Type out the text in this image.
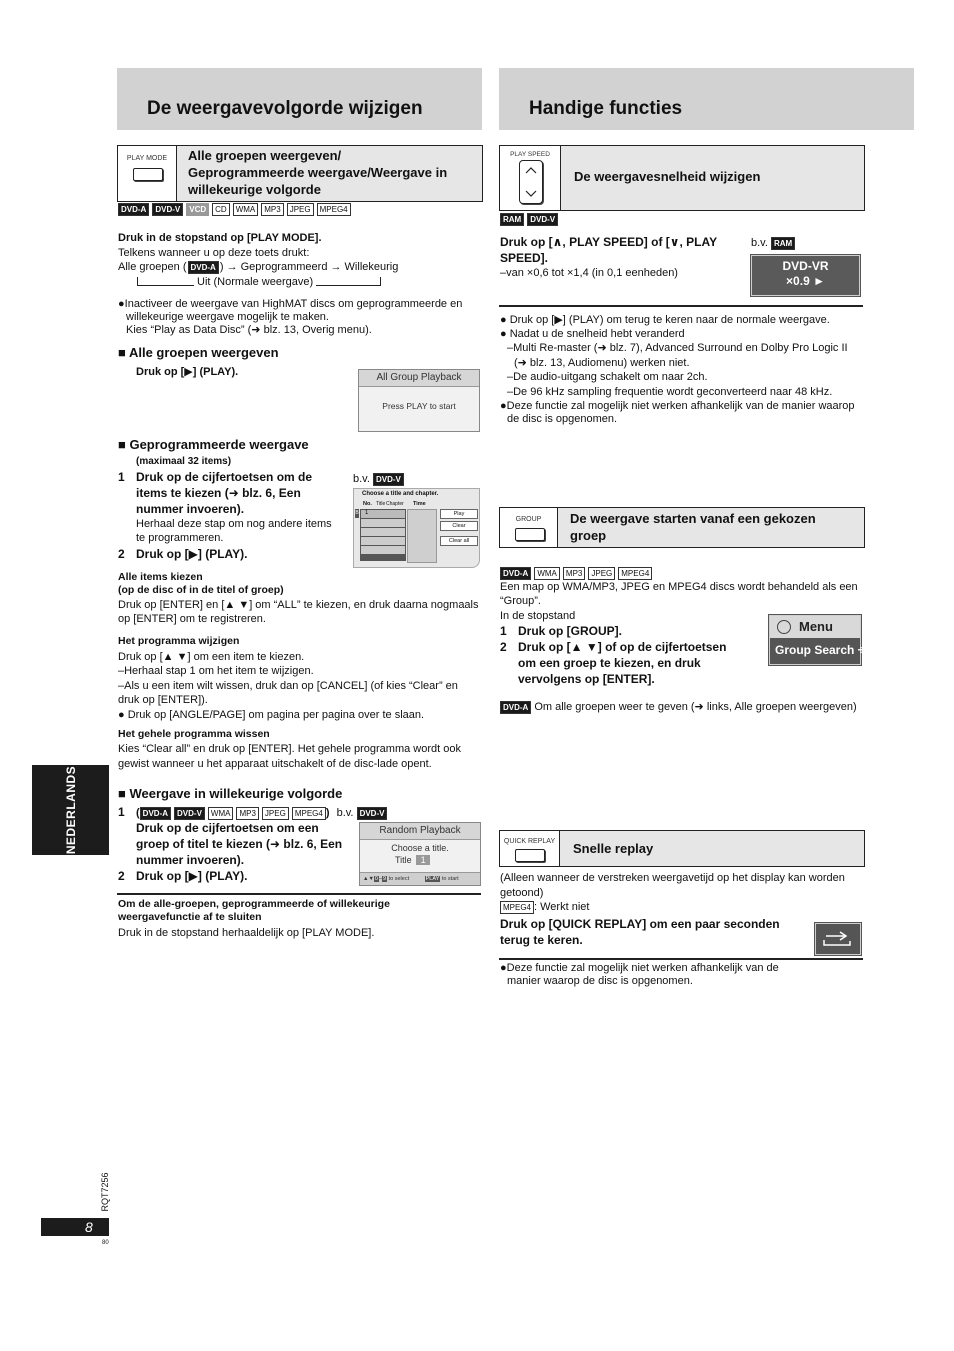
De weergavevolgorde wijzigen
PLAY MODE	Alle groepen weergeven/
Geprogrammeerde weergave/Weergave in
willekeurige volgorde
DVD-A DVD-V VCD CD WMA MP3 JPEG MPEG4
Druk in de stopstand op [PLAY MODE].
Telkens wanneer u op deze toets drukt:
Alle groepen ( DVD-A ) → Geprogrammeerd → Willekeurig
Uit (Normale weergave)
●Inactiveer de weergave van HighMAT discs om geprogrammeerde en
willekeurige weergave mogelijk te maken.
Kies “Play as Data Disc” (➜ blz. 13, Overig menu).
■ Alle groepen weergeven
Druk op [▶] (PLAY).	All Group Playback
Press PLAY to start
■ Geprogrammeerde weergave
(maximaal 32 items)
1 Druk op de cijfertoetsen om de
items te kiezen (➜ blz. 6, Een
nummer invoeren).
Herhaal deze stap om nog andere items
te programmeren.
2 Druk op [▶] (PLAY).
b.v. DVD-V
Choose a title and chapter.
No. Title Chapter Time
B 1	Play
Clear
Clear all
Alle items kiezen
(op de disc of in de titel of groep)
Druk op [ENTER] en [▲ ▼] om “ALL” te kiezen, en druk daarna nogmaals
op [ENTER] om te registreren.
Het programma wijzigen
Druk op [▲ ▼] om een item te kiezen.
–Herhaal stap 1 om het item te wijzigen.
–Als u een item wilt wissen, druk dan op [CANCEL] (of kies “Clear” en
druk op [ENTER]).
● Druk op [ANGLE/PAGE] om pagina per pagina over te slaan.
Het gehele programma wissen
Kies “Clear all” en druk op [ENTER]. Het gehele programma wordt ook
gewist wanneer u het apparaat uitschakelt of de disc-lade opent.
■ Weergave in willekeurige volgorde
1 ( DVD-A DVD-V WMA MP3 JPEG MPEG4 ) b.v. DVD-V
Druk op de cijfertoetsen om een
groep of titel te kiezen (➜ blz. 6, Een
nummer invoeren).
2 Druk op [▶] (PLAY).
Random Playback
Choose a title.
Title 1
▲▼0–9 to select	PLAY to start
Om de alle-groepen, geprogrammeerde of willekeurige
weergavefunctie af te sluiten
Druk in de stopstand herhaaldelijk op [PLAY MODE].
Handige functies
PLAY SPEED
De weergavesnelheid wijzigen
RAM DVD-V
Druk op [∧, PLAY SPEED] of [∨, PLAY
SPEED].
–van ×0,6 tot ×1,4 (in 0,1 eenheden)
b.v. RAM
DVD-VR
×0.9 ►
● Druk op [▶] (PLAY) om terug te keren naar de normale weergave.
● Nadat u de snelheid hebt veranderd
–Multi Re-master (➜ blz. 7), Advanced Surround en Dolby Pro Logic II
(➜ blz. 13, Audiomenu) werken niet.
–De audio-uitgang schakelt om naar 2ch.
–De 96 kHz sampling frequentie wordt geconverteerd naar 48 kHz.
●Deze functie zal mogelijk niet werken afhankelijk van de manier waarop
de disc is opgenomen.
GROUP	De weergave starten vanaf een gekozen
groep
DVD-A WMA MP3 JPEG MPEG4
Een map op WMA/MP3, JPEG en MPEG4 discs wordt behandeld als een
“Group”.
In de stopstand
1 Druk op [GROUP].
2 Druk op [▲ ▼] of op de cijfertoetsen
om een groep te kiezen, en druk
vervolgens op [ENTER].
Menu
Group Search ÷1
DVD-A Om alle groepen weer te geven (➜ links, Alle groepen weergeven)
QUICK REPLAY Snelle replay
(Alleen wanneer de verstreken weergavetijd op het display kan worden
getoond)
MPEG4 : Werkt niet
Druk op [QUICK REPLAY] om een paar seconden
terug te keren.
●Deze functie zal mogelijk niet werken afhankelijk van de
manier waarop de disc is opgenomen.
NEDERLANDS
RQT7256
8
80
